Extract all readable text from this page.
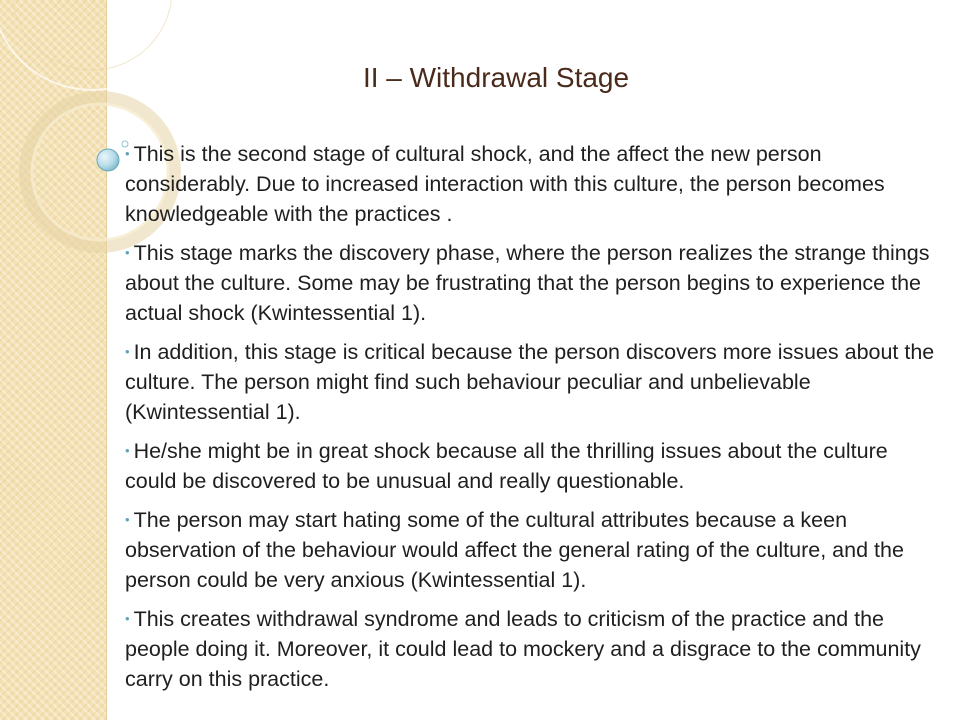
II – Withdrawal Stage
• This is the second stage of cultural shock, and the affect the new person considerably. Due to increased interaction with this culture, the person becomes knowledgeable with the practices .
• This stage marks the discovery phase, where the person realizes the strange things about the culture. Some may be frustrating that the person begins to experience the actual shock (Kwintessential 1).
• In addition, this stage is critical because the person discovers more issues about the culture. The person might find such behaviour peculiar and unbelievable (Kwintessential 1).
• He/she might be in great shock because all the thrilling issues about the culture could be discovered to be unusual and really questionable.
• The person may start hating some of the cultural attributes because a keen observation of the behaviour would affect the general rating of the culture, and the person could be very anxious (Kwintessential 1).
• This creates withdrawal syndrome and leads to criticism of the practice and the people doing it. Moreover, it could lead to mockery and a disgrace to the community carry on this practice.
